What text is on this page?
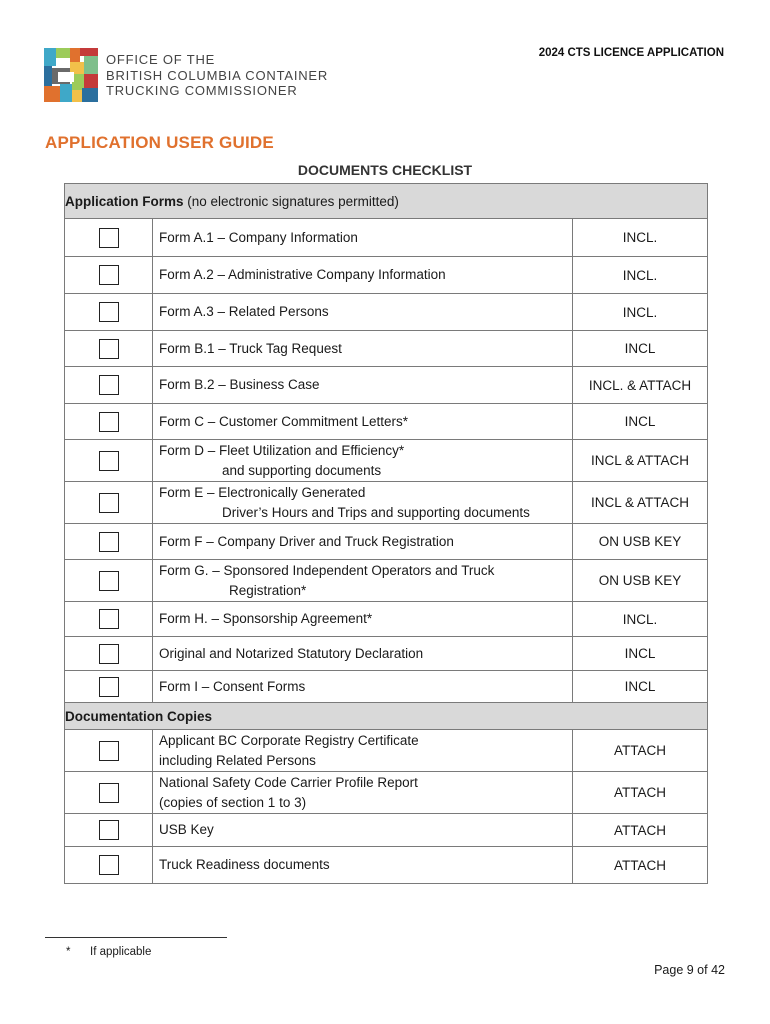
OFFICE OF THE
BRITISH COLUMBIA CONTAINER
TRUCKING COMMISSIONER
2024 CTS LICENCE APPLICATION
APPLICATION USER GUIDE
DOCUMENTS CHECKLIST
Application Forms (no electronic signatures permitted)		
	Form A.1 – Company Information	INCL.
	Form A.2 – Administrative Company Information	INCL.
	Form A.3 – Related Persons	INCL.
	Form B.1 – Truck Tag Request	INCL
	Form B.2 – Business Case	INCL. & ATTACH
	Form C – Customer Commitment Letters*	INCL
	Form D – Fleet Utilization and Efficiency*
and supporting documents	INCL & ATTACH
	Form E – Electronically Generated
Driver’s Hours and Trips and supporting documents	INCL & ATTACH
	Form F – Company Driver and Truck Registration	ON USB KEY
	Form G. – Sponsored Independent Operators and Truck
Registration*	ON USB KEY
	Form H. – Sponsorship Agreement*	INCL.
	Original and Notarized Statutory Declaration	INCL
	Form I – Consent Forms	INCL
Documentation Copies		
	Applicant BC Corporate Registry Certificate
including Related Persons	ATTACH
	National Safety Code Carrier Profile Report
(copies of section 1 to 3)	ATTACH
	USB Key	ATTACH
	Truck Readiness documents	ATTACH
* If applicable
Page 9 of 42
